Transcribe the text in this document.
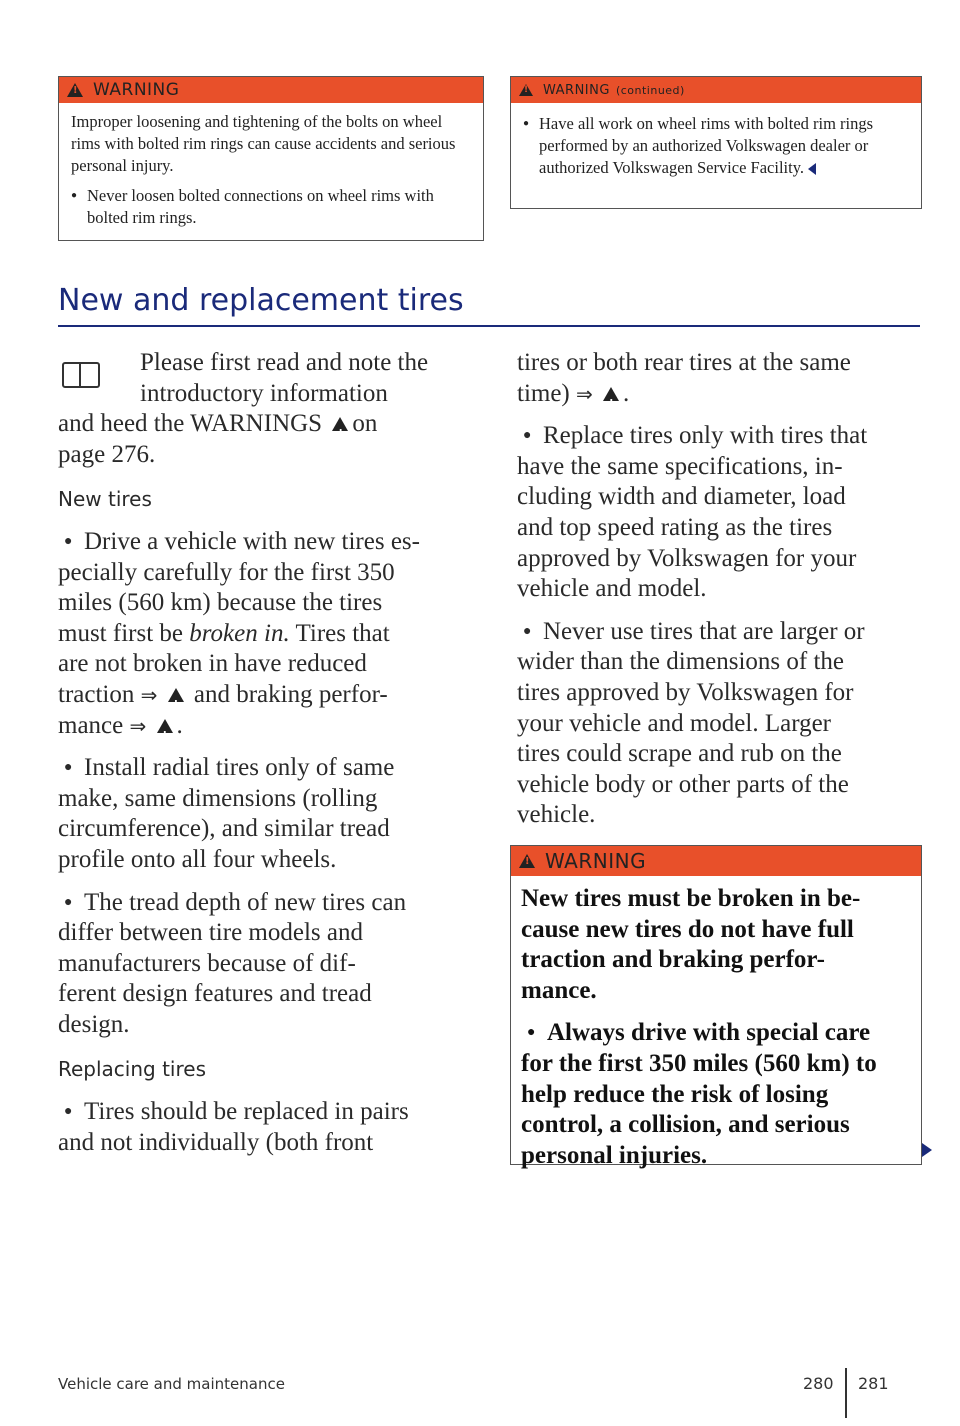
!
WARNING

Improper loosening and tightening of the bolts on wheel rims with bolted rim rings can cause accidents and serious personal injury.

● Never loosen bolted connections on wheel rims with bolted rim rings.

!
WARNING (continued)

● Have all work on wheel rims with bolted rim rings performed by an authorized Volkswagen dealer or authorized Volkswagen Service Facility.

New and replacement tires
Please first read and note the
introductory information
and heed the WARNINGS ! on
page 276.
New tires
● Drive a vehicle with new tires es-
pecially carefully for the first 350
miles (560 km) because the tires
must first be broken in. Tires that
are not broken in have reduced
traction ⇒ ! and braking perfor-
mance ⇒ ! .
● Install radial tires only of same
make, same dimensions (rolling
circumference), and similar tread
profile onto all four wheels.
● The tread depth of new tires can
differ between tire models and
manufacturers because of dif-
ferent design features and tread
design.
Replacing tires
● Tires should be replaced in pairs
and not individually (both front
tires or both rear tires at the same
time) ⇒ ! .
● Replace tires only with tires that
have the same specifications, in-
cluding width and diameter, load
and top speed rating as the tires
approved by Volkswagen for your
vehicle and model.
● Never use tires that are larger or
wider than the dimensions of the
tires approved by Volkswagen for
your vehicle and model. Larger
tires could scrape and rub on the
vehicle body or other parts of the
vehicle.
!
WARNING
New tires must be broken in be-
cause new tires do not have full
traction and braking perfor-
mance.
● Always drive with special care
for the first 350 miles (560 km) to
help reduce the risk of losing
control, a collision, and serious
personal injuries.
Vehicle care and maintenance	280 281
